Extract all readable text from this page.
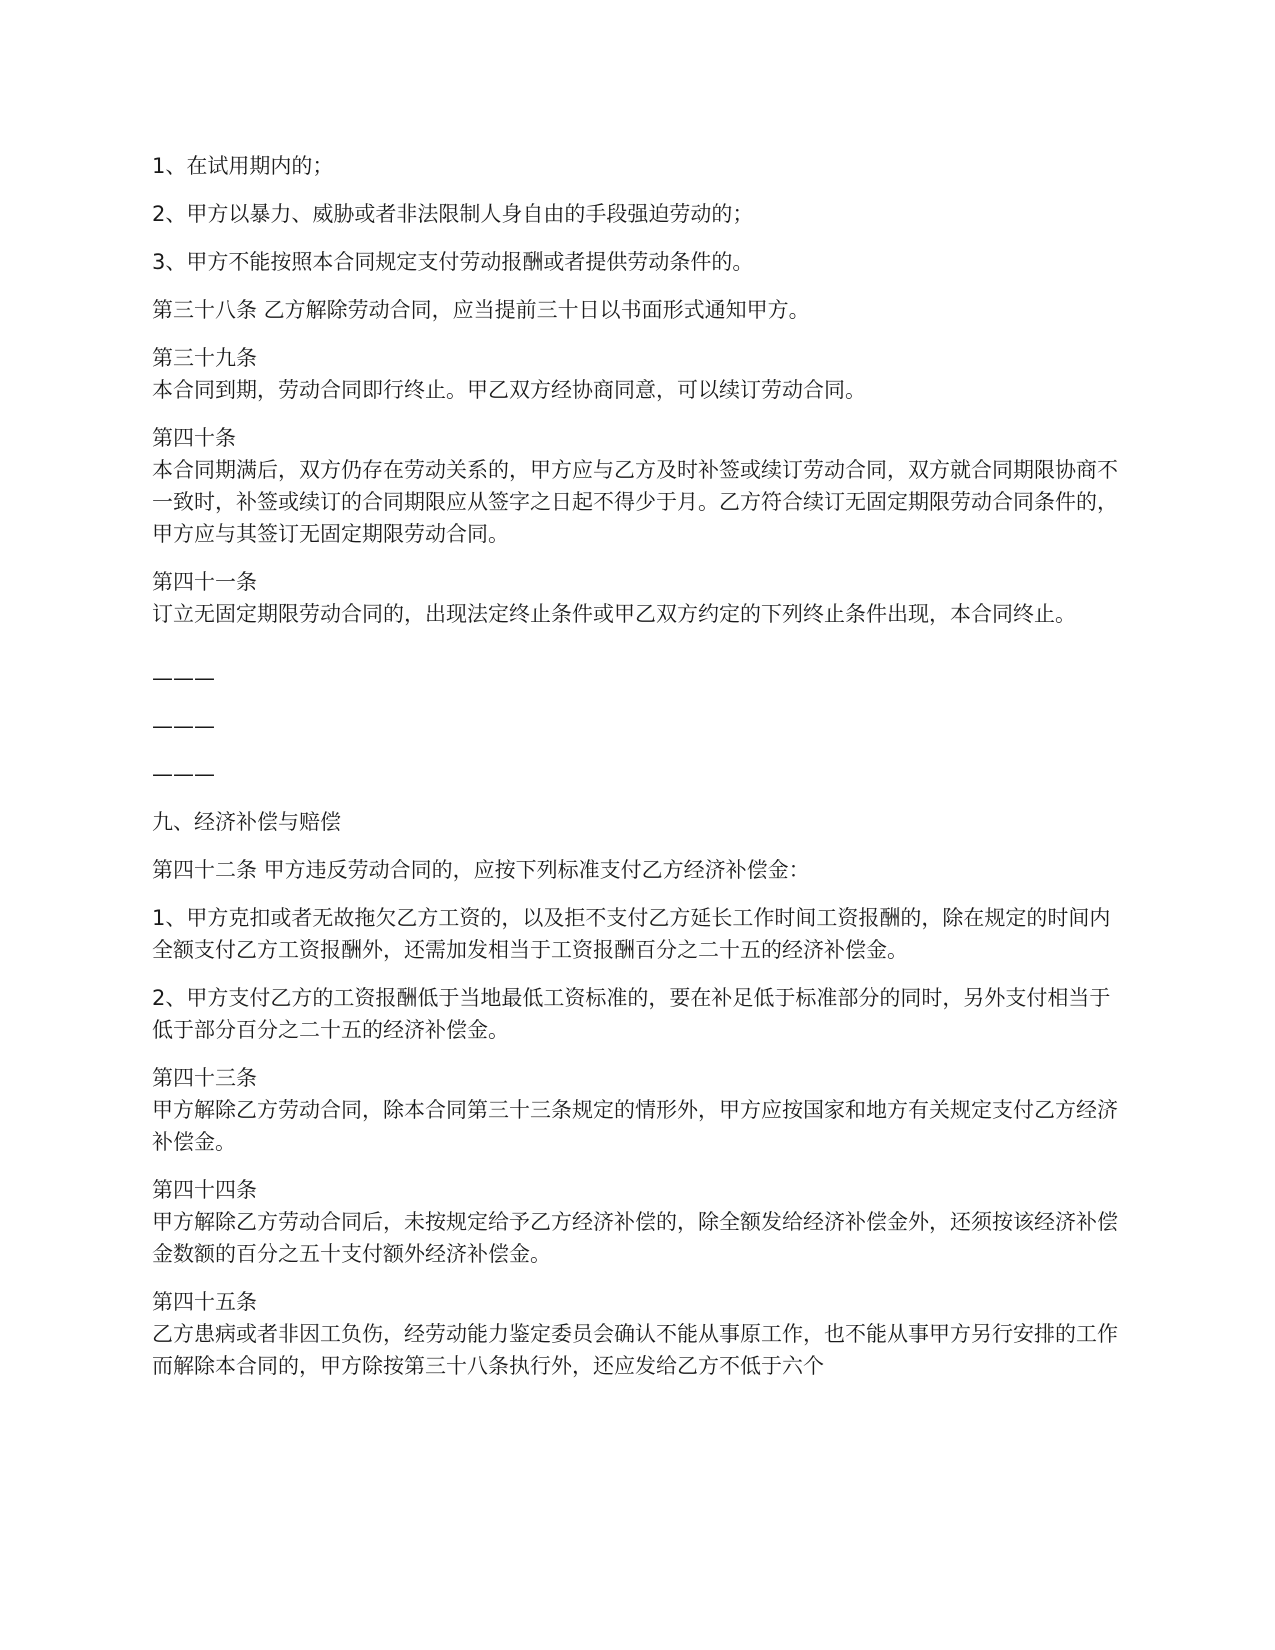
1、在试用期内的；

2、甲方以暴力、威胁或者非法限制人身自由的手段强迫劳动的；

3、甲方不能按照本合同规定支付劳动报酬或者提供劳动条件的。

第三十八条 乙方解除劳动合同，应当提前三十日以书面形式通知甲方。

第三十九条
本合同到期，劳动合同即行终止。甲乙双方经协商同意，可以续订劳动合同。
第四十条
本合同期满后，双方仍存在劳动关系的，甲方应与乙方及时补签或续订劳动合同，双方就合同期限协商不一致时，补签或续订的合同期限应从签字之日起不得少于月。乙方符合续订无固定期限劳动合同条件的，甲方应与其签订无固定期限劳动合同。
第四十一条
订立无固定期限劳动合同的，出现法定终止条件或甲乙双方约定的下列终止条件出现，本合同终止。

———

———

———

九、经济补偿与赔偿

第四十二条 甲方违反劳动合同的，应按下列标准支付乙方经济补偿金：

1、甲方克扣或者无故拖欠乙方工资的，以及拒不支付乙方延长工作时间工资报酬的，除在规定的时间内全额支付乙方工资报酬外，还需加发相当于工资报酬百分之二十五的经济补偿金。

2、甲方支付乙方的工资报酬低于当地最低工资标准的，要在补足低于标准部分的同时，另外支付相当于低于部分百分之二十五的经济补偿金。

第四十三条
甲方解除乙方劳动合同，除本合同第三十三条规定的情形外，甲方应按国家和地方有关规定支付乙方经济补偿金。
第四十四条
甲方解除乙方劳动合同后，未按规定给予乙方经济补偿的，除全额发给经济补偿金外，还须按该经济补偿金数额的百分之五十支付额外经济补偿金。
第四十五条
乙方患病或者非因工负伤，经劳动能力鉴定委员会确认不能从事原工作，也不能从事甲方另行安排的工作而解除本合同的，甲方除按第三十八条执行外，还应发给乙方不低于六个
